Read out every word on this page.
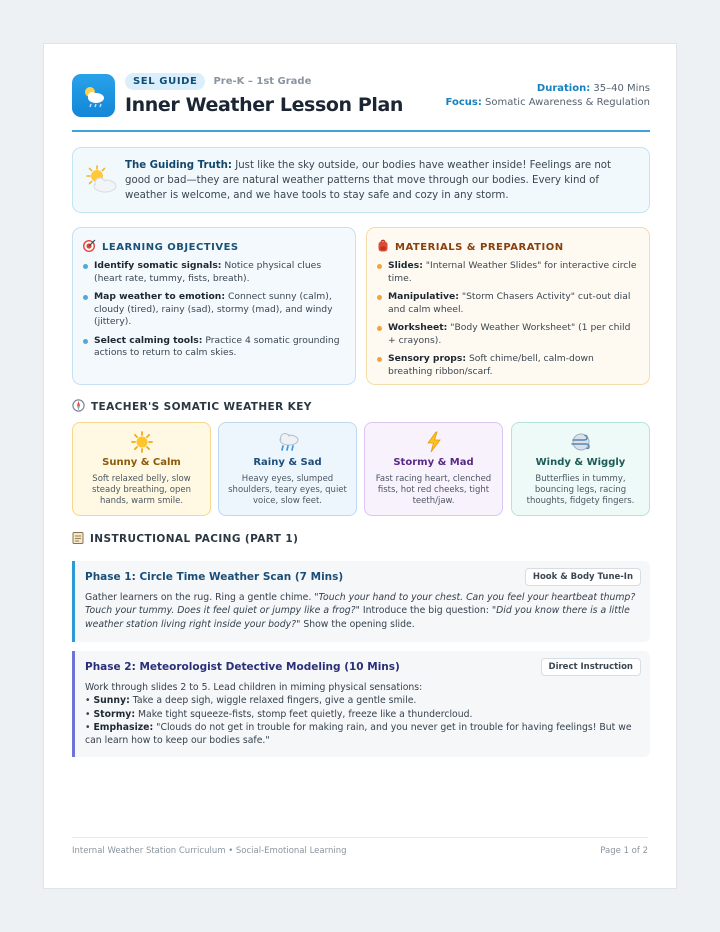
SEL GUIDE	Pre-K – 1st Grade
Inner Weather Lesson Plan
Duration: 35–40 Mins
Focus: Somatic Awareness & Regulation

The Guiding Truth: Just like the sky outside, our bodies have weather inside! Feelings are not good or bad—they are natural weather patterns that move through our bodies. Every kind of weather is welcome, and we have tools to stay safe and cozy in any storm.

LEARNING OBJECTIVES
Identify somatic signals: Notice physical clues (heart rate, tummy, fists, breath).
Map weather to emotion: Connect sunny (calm), cloudy (tired), rainy (sad), stormy (mad), and windy (jittery).
Select calming tools: Practice 4 somatic grounding actions to return to calm skies.
MATERIALS & PREPARATION
Slides: "Internal Weather Slides" for interactive circle time.
Manipulative: "Storm Chasers Activity" cut-out dial and calm wheel.
Worksheet: "Body Weather Worksheet" (1 per child + crayons).
Sensory props: Soft chime/bell, calm-down breathing ribbon/scarf.
TEACHER'S SOMATIC WEATHER KEY
Sunny & Calm
Soft relaxed belly, slow steady breathing, open hands, warm smile.
Rainy & Sad
Heavy eyes, slumped shoulders, teary eyes, quiet voice, slow feet.
Stormy & Mad
Fast racing heart, clenched fists, hot red cheeks, tight teeth/jaw.
Windy & Wiggly
Butterflies in tummy, bouncing legs, racing thoughts, fidgety fingers.
INSTRUCTIONAL PACING (PART 1)
Phase 1: Circle Time Weather Scan (7 Mins)	Hook & Body Tune-In
Gather learners on the rug. Ring a gentle chime. "Touch your hand to your chest. Can you feel your heartbeat thump? Touch your tummy. Does it feel quiet or jumpy like a frog?" Introduce the big question: "Did you know there is a little weather station living right inside your body?" Show the opening slide.
Phase 2: Meteorologist Detective Modeling (10 Mins)	Direct Instruction
Work through slides 2 to 5. Lead children in miming physical sensations:
• Sunny: Take a deep sigh, wiggle relaxed fingers, give a gentle smile.
• Stormy: Make tight squeeze-fists, stomp feet quietly, freeze like a thundercloud.
• Emphasize: "Clouds do not get in trouble for making rain, and you never get in trouble for having feelings! But we can learn how to keep our bodies safe."
Internal Weather Station Curriculum • Social-Emotional Learning	Page 1 of 2
